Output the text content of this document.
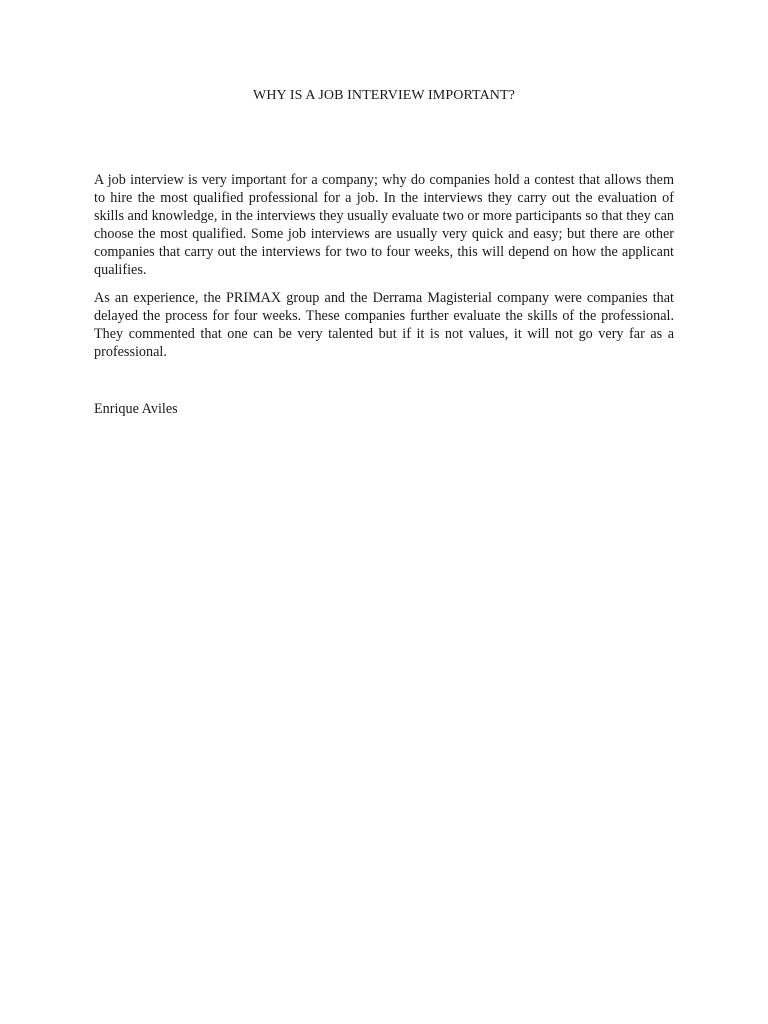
WHY IS A JOB INTERVIEW IMPORTANT?

A job interview is very important for a company; why do companies hold a contest that allows them to hire the most qualified professional for a job. In the interviews they carry out the evaluation of skills and knowledge, in the interviews they usually evaluate two or more participants so that they can choose the most qualified. Some job interviews are usually very quick and easy; but there are other companies that carry out the interviews for two to four weeks, this will depend on how the applicant qualifies.

As an experience, the PRIMAX group and the Derrama Magisterial company were companies that delayed the process for four weeks. These companies further evaluate the skills of the professional. They commented that one can be very talented but if it is not values, it will not go very far as a professional.

Enrique Aviles
